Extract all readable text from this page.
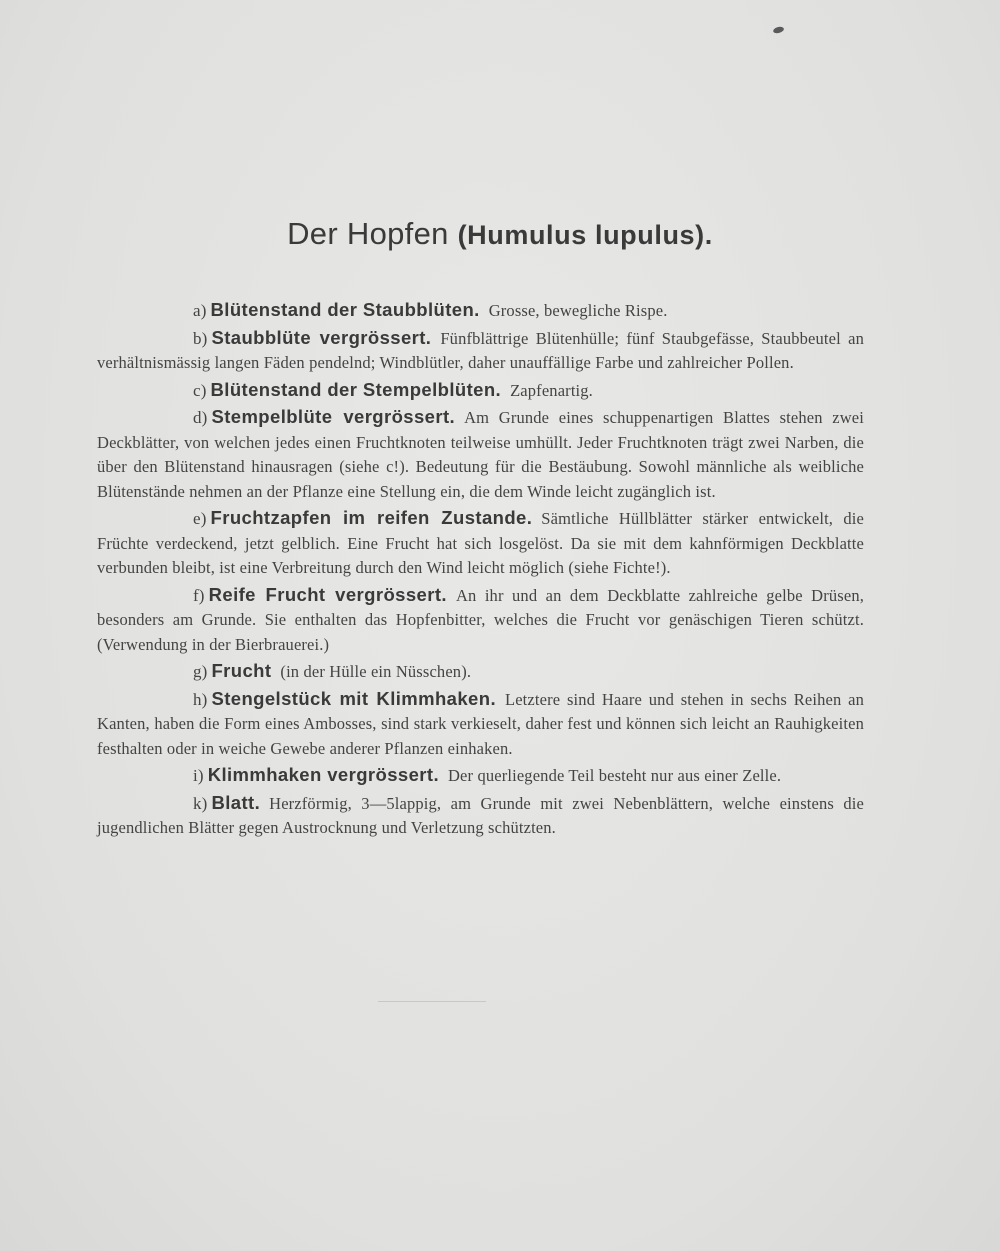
Der Hopfen (Humulus lupulus).

a) Blütenstand der Staubblüten. Grosse, bewegliche Rispe.

b) Staubblüte vergrössert. Fünfblättrige Blütenhülle; fünf Staubgefässe, Staubbeutel an verhältnismässig langen Fäden pendelnd; Windblütler, daher unauffällige Farbe und zahlreicher Pollen.

c) Blütenstand der Stempelblüten. Zapfenartig.

d) Stempelblüte vergrössert. Am Grunde eines schuppenartigen Blattes stehen zwei Deckblätter, von welchen jedes einen Fruchtknoten teilweise umhüllt. Jeder Fruchtknoten trägt zwei Narben, die über den Blütenstand hinausragen (siehe c!). Bedeutung für die Bestäubung. Sowohl männliche als weibliche Blütenstände nehmen an der Pflanze eine Stellung ein, die dem Winde leicht zugänglich ist.

e) Fruchtzapfen im reifen Zustande. Sämtliche Hüllblätter stärker entwickelt, die Früchte verdeckend, jetzt gelblich. Eine Frucht hat sich losgelöst. Da sie mit dem kahnförmigen Deckblatte verbunden bleibt, ist eine Verbreitung durch den Wind leicht möglich (siehe Fichte!).

f) Reife Frucht vergrössert. An ihr und an dem Deckblatte zahlreiche gelbe Drüsen, besonders am Grunde. Sie enthalten das Hopfenbitter, welches die Frucht vor genäschigen Tieren schützt. (Verwendung in der Bierbrauerei.)

g) Frucht (in der Hülle ein Nüsschen).

h) Stengelstück mit Klimmhaken. Letztere sind Haare und stehen in sechs Reihen an Kanten, haben die Form eines Ambosses, sind stark verkieselt, daher fest und können sich leicht an Rauhigkeiten festhalten oder in weiche Gewebe anderer Pflanzen einhaken.

i) Klimmhaken vergrössert. Der querliegende Teil besteht nur aus einer Zelle.

k) Blatt. Herzförmig, 3—5lappig, am Grunde mit zwei Nebenblättern, welche einstens die jugendlichen Blätter gegen Austrocknung und Verletzung schützten.
